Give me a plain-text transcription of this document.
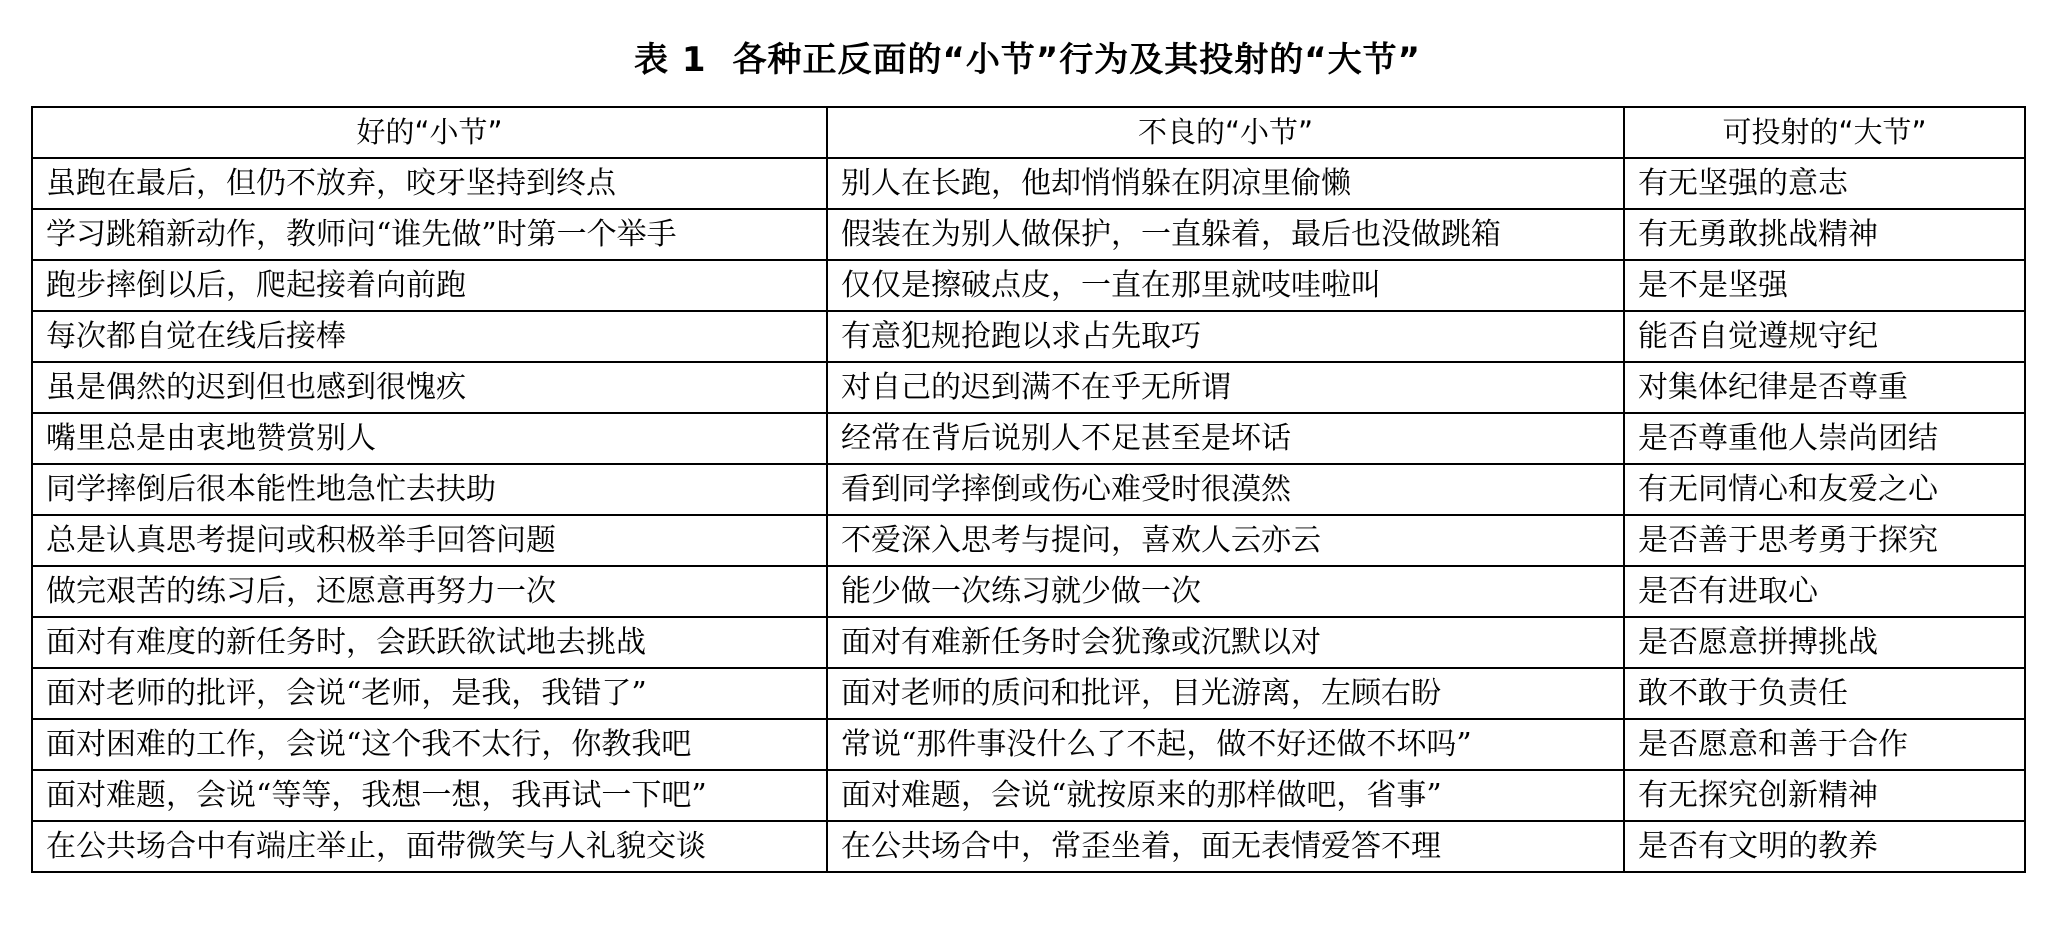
表 1 各种正反面的“小节”行为及其投射的“大节”
好的“小节”	不良的“小节”	可投射的“大节”
虽跑在最后，但仍不放弃，咬牙坚持到终点	别人在长跑，他却悄悄躲在阴凉里偷懒	有无坚强的意志
学习跳箱新动作，教师问“谁先做”时第一个举手	假装在为别人做保护，一直躲着，最后也没做跳箱	有无勇敢挑战精神
跑步摔倒以后，爬起接着向前跑	仅仅是擦破点皮，一直在那里就吱哇啦叫	是不是坚强
每次都自觉在线后接棒	有意犯规抢跑以求占先取巧	能否自觉遵规守纪
虽是偶然的迟到但也感到很愧疚	对自己的迟到满不在乎无所谓	对集体纪律是否尊重
嘴里总是由衷地赞赏别人	经常在背后说别人不足甚至是坏话	是否尊重他人崇尚团结
同学摔倒后很本能性地急忙去扶助	看到同学摔倒或伤心难受时很漠然	有无同情心和友爱之心
总是认真思考提问或积极举手回答问题	不爱深入思考与提问，喜欢人云亦云	是否善于思考勇于探究
做完艰苦的练习后，还愿意再努力一次	能少做一次练习就少做一次	是否有进取心
面对有难度的新任务时，会跃跃欲试地去挑战	面对有难新任务时会犹豫或沉默以对	是否愿意拼搏挑战
面对老师的批评，会说“老师，是我，我错了”	面对老师的质问和批评，目光游离，左顾右盼	敢不敢于负责任
面对困难的工作，会说“这个我不太行，你教我吧	常说“那件事没什么了不起，做不好还做不坏吗”	是否愿意和善于合作
面对难题，会说“等等，我想一想，我再试一下吧”	面对难题，会说“就按原来的那样做吧，省事”	有无探究创新精神
在公共场合中有端庄举止，面带微笑与人礼貌交谈	在公共场合中，常歪坐着，面无表情爱答不理	是否有文明的教养
